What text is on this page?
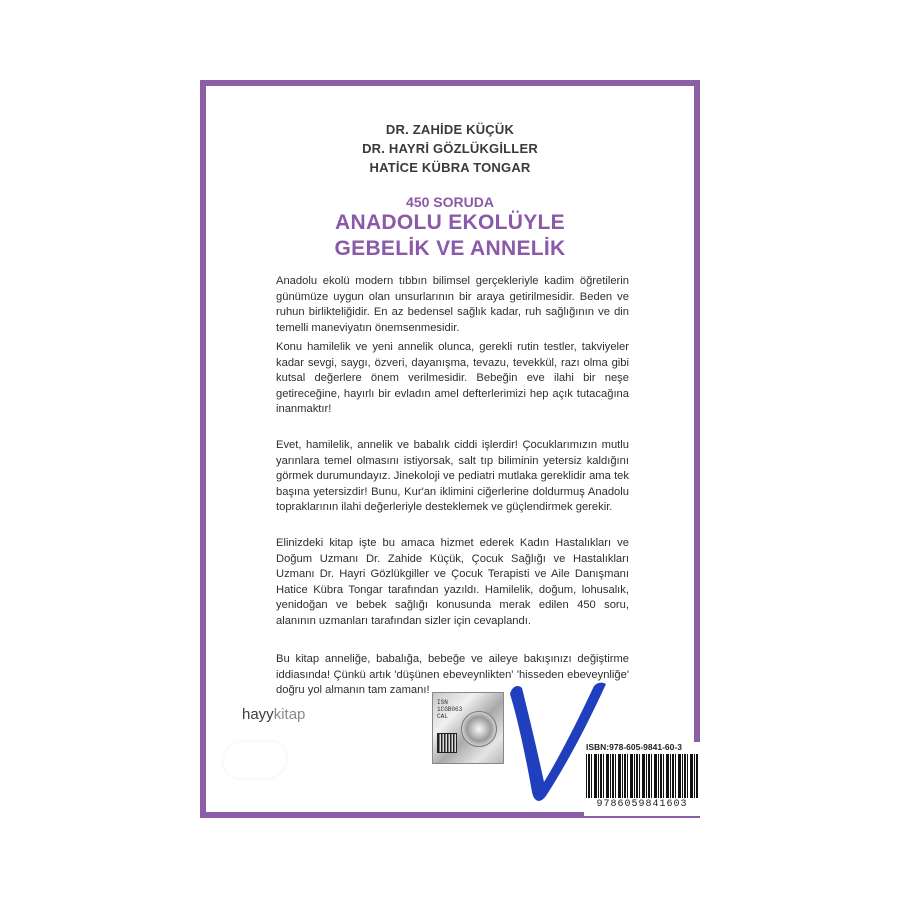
DR. ZAHİDE KÜÇÜK
DR. HAYRİ GÖZLÜKGİLLER
HATİCE KÜBRA TONGAR
450 SORUDA
ANADOLU EKOLÜYLE
GEBELİK VE ANNELİK
Anadolu ekolü modern tıbbın bilimsel gerçekleriyle kadim öğretilerin günümüze uygun olan unsurlarının bir araya getirilmesidir. Beden ve ruhun birlikteliğidir. En az bedensel sağlık kadar, ruh sağlığının ve din temelli maneviyatın önemsenmesidir.
Konu hamilelik ve yeni annelik olunca, gerekli rutin testler, takviyeler kadar sevgi, saygı, özveri, dayanışma, tevazu, tevekkül, razı olma gibi kutsal değerlere önem verilmesidir. Bebeğin eve ilahi bir neşe getireceğine, hayırlı bir evladın amel defterlerimizi hep açık tutacağına inanmaktır!
Evet, hamilelik, annelik ve babalık ciddi işlerdir! Çocuklarımızın mutlu yarınlara temel olmasını istiyorsak, salt tıp biliminin yetersiz kaldığını görmek durumundayız. Jinekoloji ve pediatri mutlaka gereklidir ama tek başına yetersizdir! Bunu, Kur'an iklimini ciğerlerine doldurmuş Anadolu topraklarının ilahi değerleriyle desteklemek ve güçlendirmek gerekir.
Elinizdeki kitap işte bu amaca hizmet ederek Kadın Hastalıkları ve Doğum Uzmanı Dr. Zahide Küçük, Çocuk Sağlığı ve Hastalıkları Uzmanı Dr. Hayri Gözlükgiller ve Çocuk Terapisti ve Aile Danışmanı Hatice Kübra Tongar tarafından yazıldı. Hamilelik, doğum, lohusalık, yenidoğan ve bebek sağlığı konusunda merak edilen 450 soru, alanının uzmanları tarafından sizler için cevaplandı.
Bu kitap anneliğe, babalığa, bebeğe ve aileye bakışınızı değiştirme iddiasında! Çünkü artık 'düşünen ebeveynlikten' 'hisseden ebeveynliğe' doğru yol almanın tam zamanı!
hayykitap
ISN
1CGB063
CAL
ISBN:978-605-9841-60-3
9786059841603
